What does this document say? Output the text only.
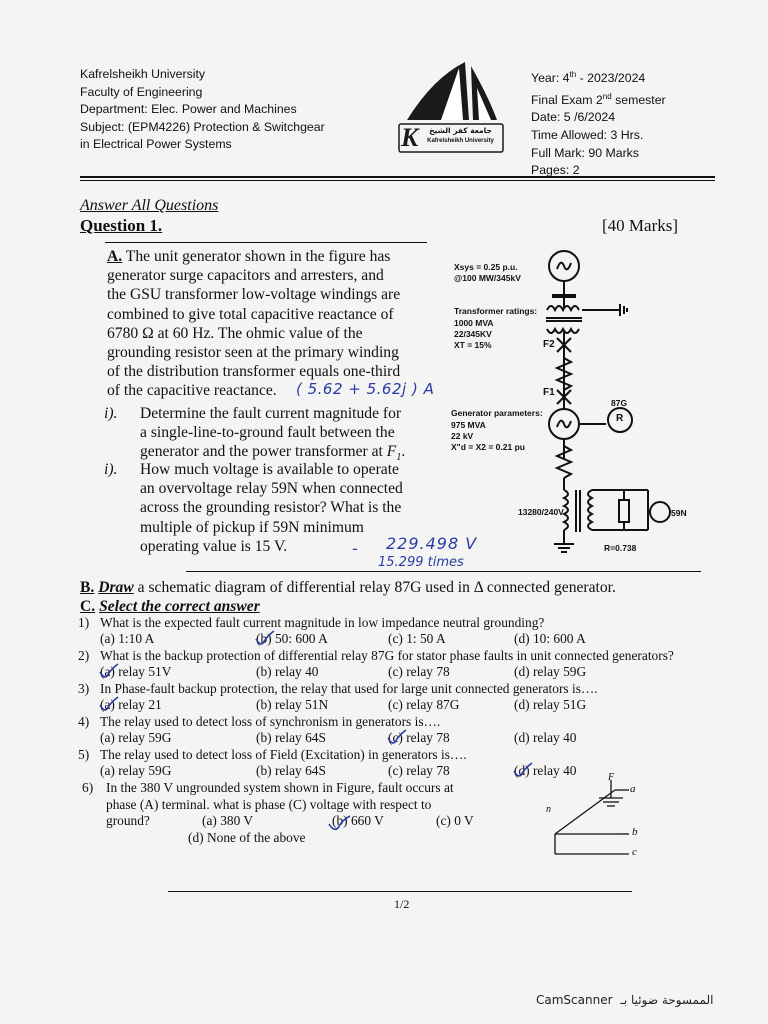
Kafrelsheikh University
Faculty of Engineering
Department: Elec. Power and Machines
Subject: (EPM4226) Protection & Switchgear
in Electrical Power Systems	K	جامعة كفر الشيخ
Kafrelsheikh University
Year: 4th - 2023/2024
Final Exam 2nd semester
Date: 5 /6/2024
Time Allowed: 3 Hrs.
Full Mark: 90 Marks
Pages: 2
Answer All Questions
Question 1.	[40 Marks]
A. The unit generator shown in the figure has
generator surge capacitors and arresters, and
the GSU transformer low-voltage windings are
combined to give total capacitive reactance of
6780 Ω at 60 Hz. The ohmic value of the
grounding resistor seen at the primary winding
of the distribution transformer equals one-third
of the capacitive reactance.	( 5.62 + 5.62j ) A
i). Determine the fault current magnitude for
a single-line-to-ground fault between the
generator and the power transformer at $F_1$.
i). How much voltage is available to operate
an overvoltage relay 59N when connected
across the grounding resistor? What is the
multiple of pickup if 59N minimum
operating value is 15 V.	- 229.498 V
15.299 times
Xsys = 0.25 p.u.
@100 MW/345kV
Transformer ratings:
1000 MVA
22/345KV
XT = 15%	F2
F1
Generator parameters:
975 MVA
22 kV
X"d = X2 = 0.21 pu
87G
R
13280/240V	59N
R=0.738
B. Draw a schematic diagram of differential relay 87G used in Δ connected generator.
C. Select the correct answer
1) What is the expected fault current magnitude in low impedance neutral grounding?
(a) 1:10 A	(b) 50: 600 A	(c) 1: 50 A	(d) 10: 600 A
2) What is the backup protection of differential relay 87G for stator phase faults in unit connected generators?
(a) relay 51V	(b) relay 40	(c) relay 78	(d) relay 59G
3) In Phase-fault backup protection, the relay that used for large unit connected generators is….
(a) relay 21	(b) relay 51N	(c) relay 87G	(d) relay 51G
4) The relay used to detect loss of synchronism in generators is….
(a) relay 59G	(b) relay 64S	(c) relay 78	(d) relay 40
5) The relay used to detect loss of Field (Excitation) in generators is….
(a) relay 59G	(b) relay 64S	(c) relay 78	(d) relay 40
6) In the 380 V ungrounded system shown in Figure, fault occurs at
phase (A) terminal. what is phase (C) voltage with respect to
ground?	(a) 380 V	(b) 660 V	(c) 0 V
(d) None of the above
F
a
n
b
c
1/2
CamScanner الممسوحة ضوئيا بـ
